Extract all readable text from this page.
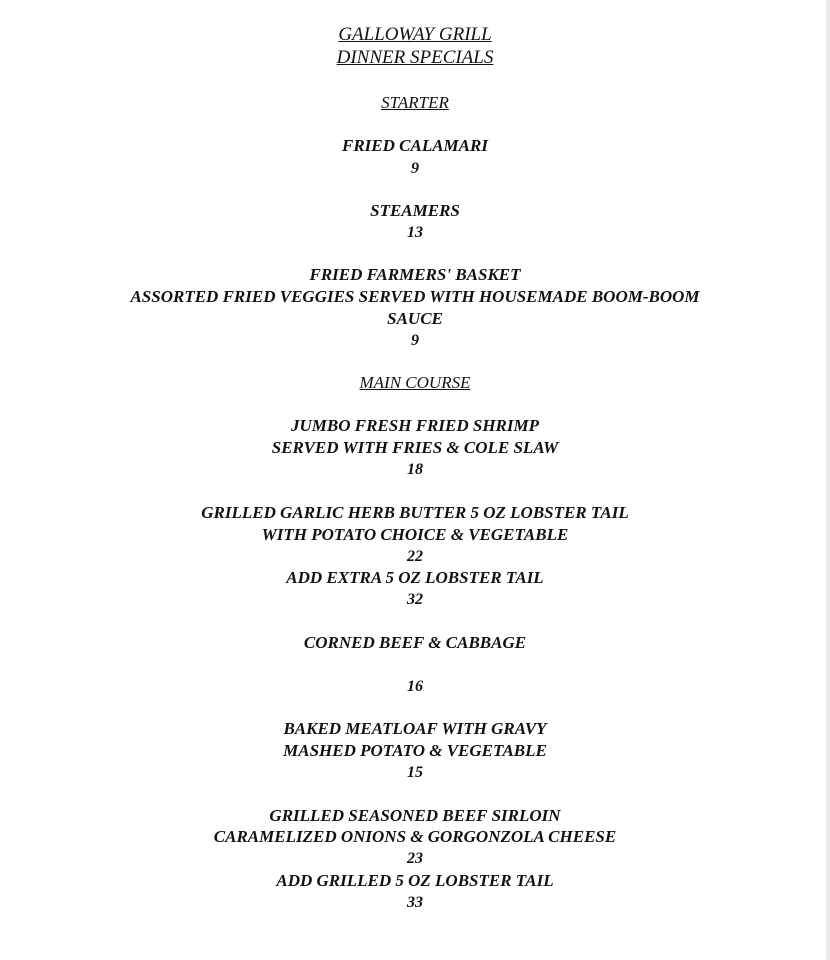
GALLOWAY GRILL
DINNER SPECIALS
STARTER
FRIED CALAMARI
9
STEAMERS
13
FRIED FARMERS' BASKET
ASSORTED FRIED VEGGIES SERVED WITH HOUSEMADE BOOM-BOOM
SAUCE
9
MAIN COURSE
JUMBO FRESH FRIED SHRIMP
SERVED WITH FRIES & COLE SLAW
18
GRILLED GARLIC HERB BUTTER 5 OZ LOBSTER TAIL
WITH POTATO CHOICE & VEGETABLE
22
ADD EXTRA 5 OZ LOBSTER TAIL
32
CORNED BEEF & CABBAGE
16
BAKED MEATLOAF WITH GRAVY
MASHED POTATO & VEGETABLE
15
GRILLED SEASONED BEEF SIRLOIN
CARAMELIZED ONIONS & GORGONZOLA CHEESE
23
ADD GRILLED 5 OZ LOBSTER TAIL
33
